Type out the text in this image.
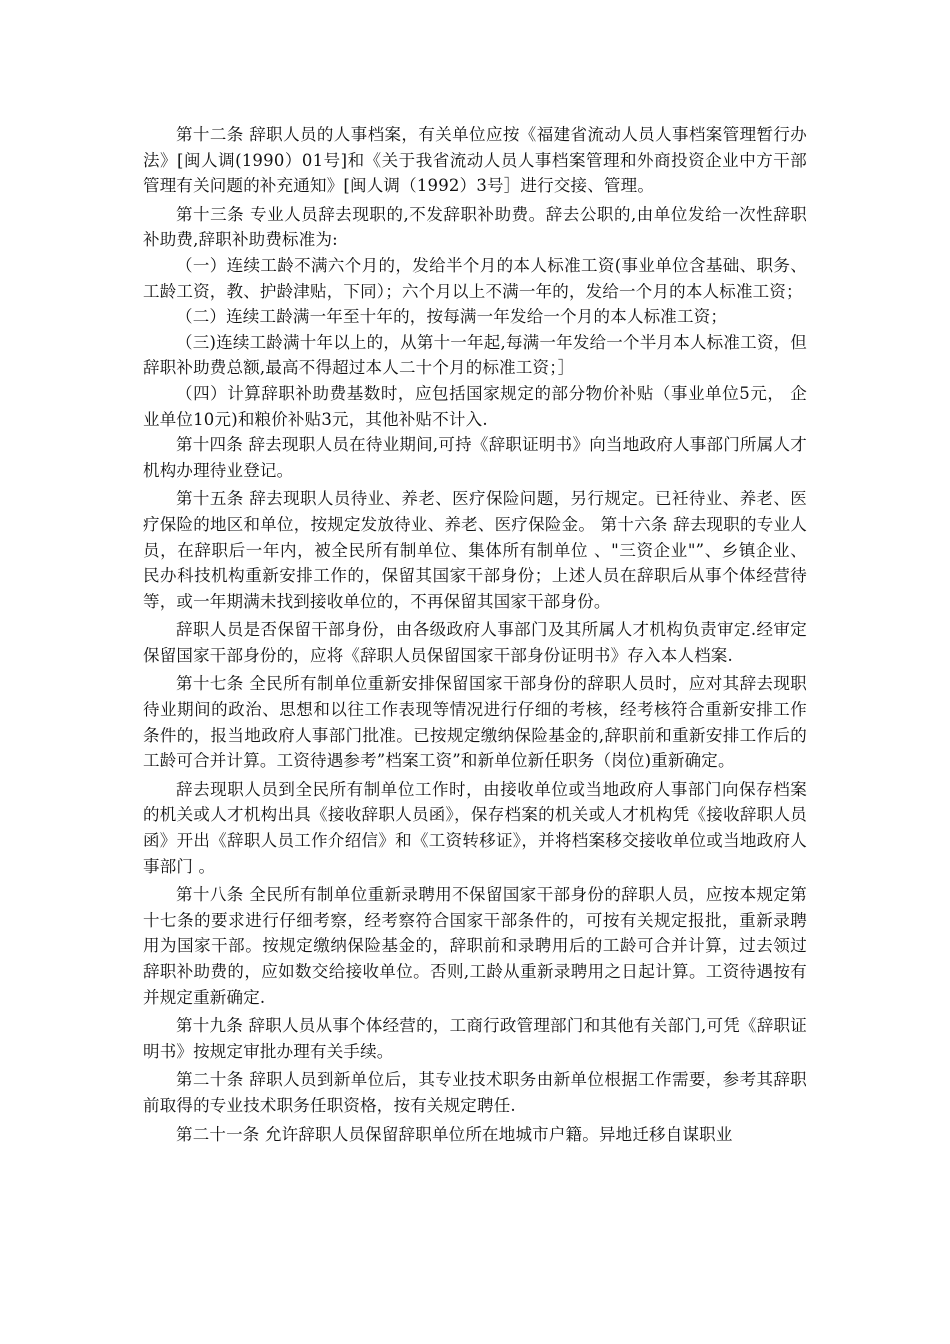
第十二条 辞职人员的人事档案，有关单位应按《福建省流动人员人事档案管理暂行办法》[闽人调(1990）01号]和《关于我省流动人员人事档案管理和外商投资企业中方干部管理有关问题的补充通知》[闽人调（1992）3号］进行交接、管理。

第十三条 专业人员辞去现职的,不发辞职补助费。辞去公职的,由单位发给一次性辞职补助费,辞职补助费标准为:

（一）连续工龄不满六个月的，发给半个月的本人标准工资(事业单位含基础、职务、工龄工资，教、护龄津贴，下同）；六个月以上不满一年的，发给一个月的本人标准工资；

（二）连续工龄满一年至十年的，按每满一年发给一个月的本人标准工资；

（三)连续工龄满十年以上的，从第十一年起,每满一年发给一个半月本人标准工资，但辞职补助费总额,最高不得超过本人二十个月的标准工资；］

（四）计算辞职补助费基数时，应包括国家规定的部分物价补贴（事业单位5元， 企业单位10元)和粮价补贴3元，其他补贴不计入.

第十四条 辞去现职人员在待业期间,可持《辞职证明书》向当地政府人事部门所属人才机构办理待业登记。

第十五条 辞去现职人员待业、养老、医疗保险问题，另行规定。已衽待业、养老、医疗保险的地区和单位，按规定发放待业、养老、医疗保险金。 第十六条 辞去现职的专业人员，在辞职后一年内，被全民所有制单位、集体所有制单位 、"三资企业"”、乡镇企业、民办科技机构重新安排工作的，保留其国家干部身份；上述人员在辞职后从事个体经营待等，或一年期满未找到接收单位的，不再保留其国家干部身份。

辞职人员是否保留干部身份，由各级政府人事部门及其所属人才机构负责审定.经审定保留国家干部身份的，应将《辞职人员保留国家干部身份证明书》存入本人档案.

第十七条 全民所有制单位重新安排保留国家干部身份的辞职人员时，应对其辞去现职待业期间的政治、思想和以往工作表现等情况进行仔细的考核，经考核符合重新安排工作条件的，报当地政府人事部门批准。已按规定缴纳保险基金的,辞职前和重新安排工作后的工龄可合并计算。工资待遇参考”档案工资”和新单位新任职务（岗位)重新确定。

辞去现职人员到全民所有制单位工作时，由接收单位或当地政府人事部门向保存档案的机关或人才机构出具《接收辞职人员函》，保存档案的机关或人才机构凭《接收辞职人员函》开出《辞职人员工作介绍信》和《工资转移证》，并将档案移交接收单位或当地政府人事部门 。

第十八条 全民所有制单位重新录聘用不保留国家干部身份的辞职人员，应按本规定第十七条的要求进行仔细考察，经考察符合国家干部条件的，可按有关规定报批，重新录聘用为国家干部。按规定缴纳保险基金的，辞职前和录聘用后的工龄可合并计算，过去领过辞职补助费的，应如数交给接收单位。否则,工龄从重新录聘用之日起计算。工资待遇按有并规定重新确定.

第十九条 辞职人员从事个体经营的，工商行政管理部门和其他有关部门,可凭《辞职证明书》按规定审批办理有关手续。

第二十条 辞职人员到新单位后，其专业技术职务由新单位根据工作需要，参考其辞职前取得的专业技术职务任职资格，按有关规定聘任.

第二十一条 允许辞职人员保留辞职单位所在地城市户籍。异地迁移自谋职业
